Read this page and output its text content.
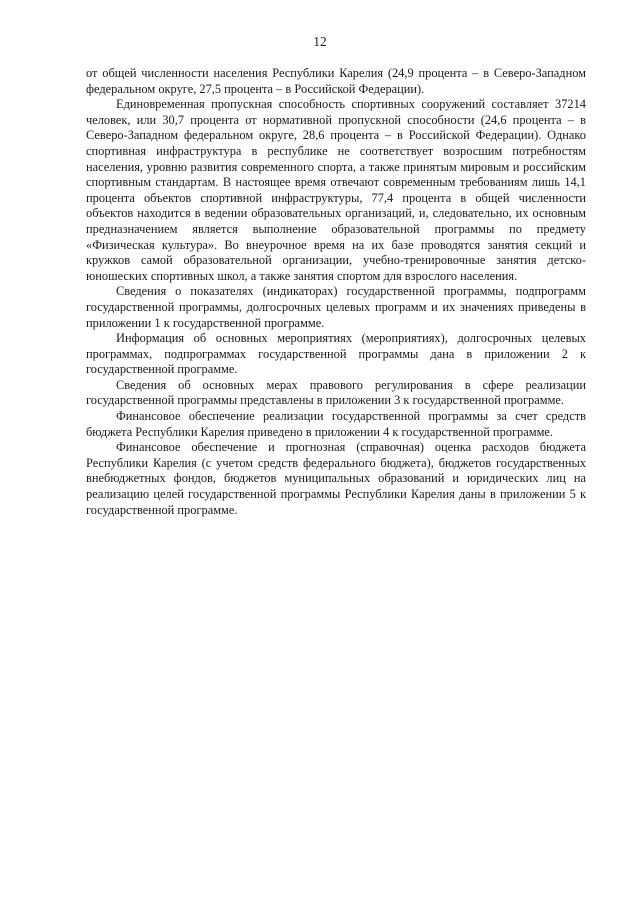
12

от общей численности населения Республики Карелия (24,9 процента – в Северо-Западном федеральном округе, 27,5 процента – в Российской Федерации).

Единовременная пропускная способность спортивных сооружений составляет 37214 человек, или 30,7 процента от нормативной пропускной способности (24,6 процента – в Северо-Западном федеральном округе, 28,6 процента – в Российской Федерации). Однако спортивная инфраструктура в республике не соответствует возросшим потребностям населения, уровню развития современного спорта, а также принятым мировым и российским спортивным стандартам. В настоящее время отвечают современным требованиям лишь 14,1 процента объектов спортивной инфраструктуры, 77,4 процента в общей численности объектов находится в ведении образовательных организаций, и, следовательно, их основным предназначением является выполнение образовательной программы по предмету «Физическая культура». Во внеурочное время на их базе проводятся занятия секций и кружков самой образовательной организации, учебно-тренировочные занятия детско-юношеских спортивных школ, а также занятия спортом для взрослого населения.

Сведения о показателях (индикаторах) государственной программы, подпрограмм государственной программы, долгосрочных целевых программ и их значениях приведены в приложении 1 к государственной программе.

Информация об основных мероприятиях (мероприятиях), долгосрочных целевых программах, подпрограммах государственной программы дана в приложении 2 к государственной программе.

Сведения об основных мерах правового регулирования в сфере реализации государственной программы представлены в приложении 3 к государственной программе.

Финансовое обеспечение реализации государственной программы за счет средств бюджета Республики Карелия приведено в приложении 4 к государственной программе.

Финансовое обеспечение и прогнозная (справочная) оценка расходов бюджета Республики Карелия (с учетом средств федерального бюджета), бюджетов государственных внебюджетных фондов, бюджетов муниципальных образований и юридических лиц на реализацию целей государственной программы Республики Карелия даны в приложении 5 к государственной программе.
